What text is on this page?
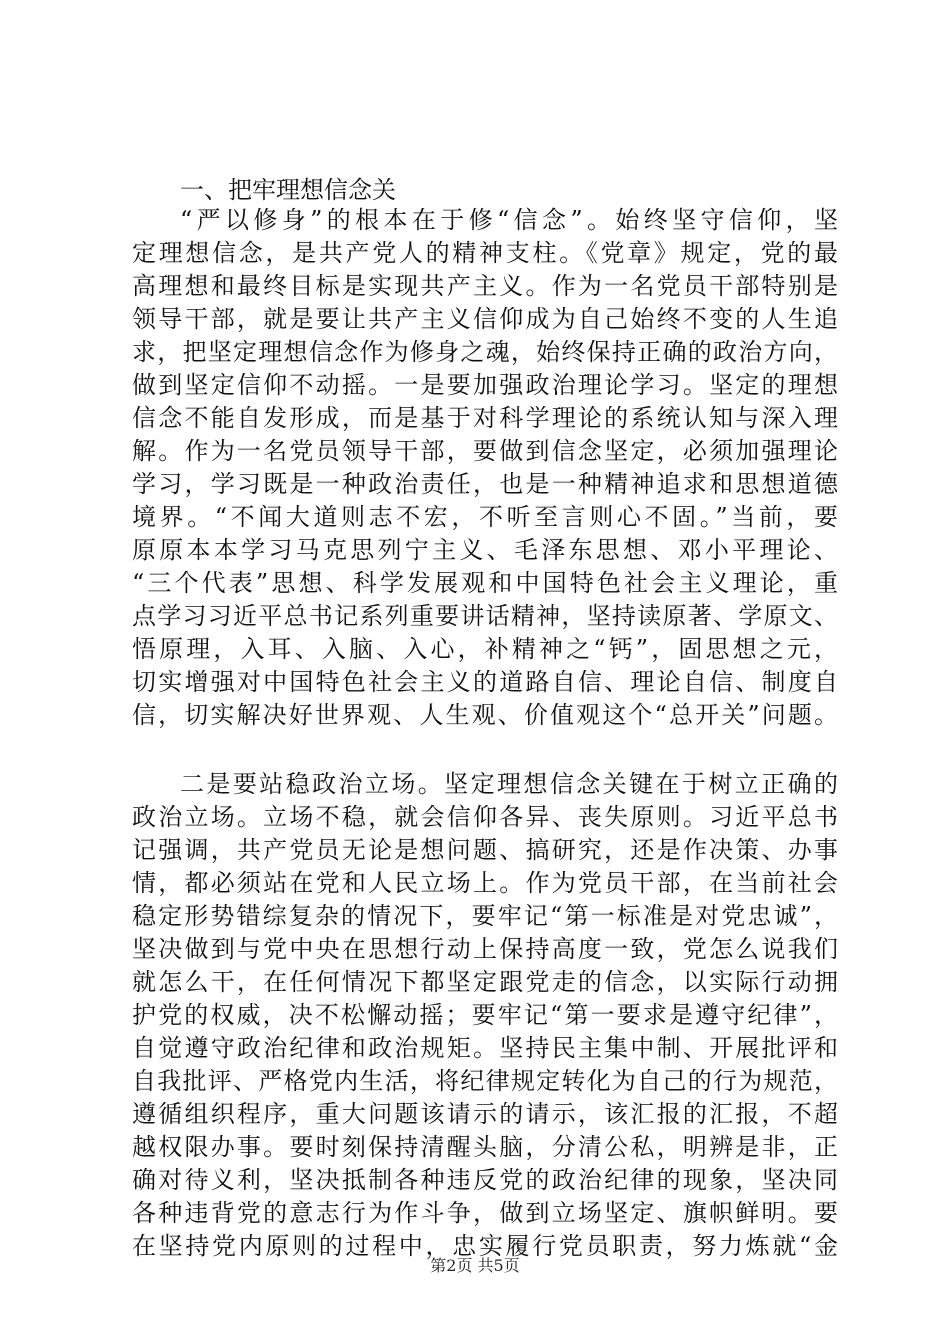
一、把牢理想信念关
“严以修身”的根本在于修“信念”。始终坚守信仰，坚
定理想信念，是共产党人的精神支柱。《党章》规定，党的最
高理想和最终目标是实现共产主义。作为一名党员干部特别是
领导干部，就是要让共产主义信仰成为自己始终不变的人生追
求，把坚定理想信念作为修身之魂，始终保持正确的政治方向，
做到坚定信仰不动摇。一是要加强政治理论学习。坚定的理想
信念不能自发形成，而是基于对科学理论的系统认知与深入理
解。作为一名党员领导干部，要做到信念坚定，必须加强理论
学习，学习既是一种政治责任，也是一种精神追求和思想道德
境界。“不闻大道则志不宏，不听至言则心不固。”当前，要
原原本本学习马克思列宁主义、毛泽东思想、邓小平理论、
“三个代表”思想、科学发展观和中国特色社会主义理论，重
点学习习近平总书记系列重要讲话精神，坚持读原著、学原文、
悟原理，入耳、入脑、入心，补精神之“钙”，固思想之元，
切实增强对中国特色社会主义的道路自信、理论自信、制度自
信，切实解决好世界观、人生观、价值观这个“总开关”问题。
二是要站稳政治立场。坚定理想信念关键在于树立正确的
政治立场。立场不稳，就会信仰各异、丧失原则。习近平总书
记强调，共产党员无论是想问题、搞研究，还是作决策、办事
情，都必须站在党和人民立场上。作为党员干部，在当前社会
稳定形势错综复杂的情况下，要牢记“第一标准是对党忠诚”，
坚决做到与党中央在思想行动上保持高度一致，党怎么说我们
就怎么干，在任何情况下都坚定跟党走的信念，以实际行动拥
护党的权威，决不松懈动摇；要牢记“第一要求是遵守纪律”，
自觉遵守政治纪律和政治规矩。坚持民主集中制、开展批评和
自我批评、严格党内生活，将纪律规定转化为自己的行为规范，
遵循组织程序，重大问题该请示的请示，该汇报的汇报，不超
越权限办事。要时刻保持清醒头脑，分清公私，明辨是非，正
确对待义利，坚决抵制各种违反党的政治纪律的现象，坚决同
各种违背党的意志行为作斗争，做到立场坚定、旗帜鲜明。要
在坚持党内原则的过程中，忠实履行党员职责，努力炼就“金
第2页 共5页
